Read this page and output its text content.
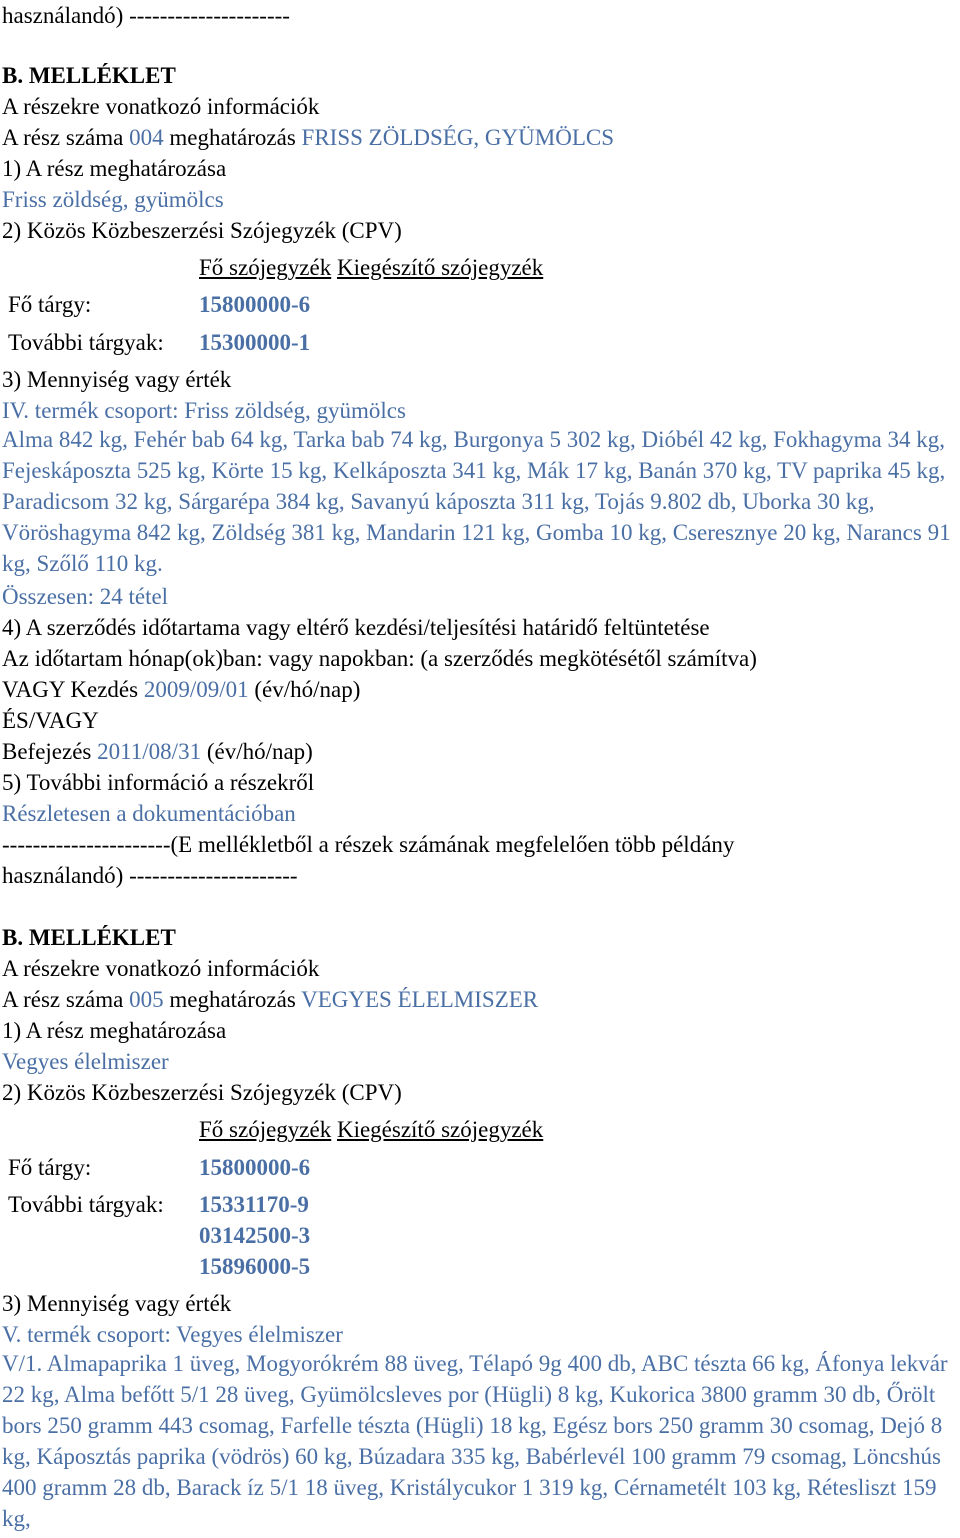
használandó) ---------------------
B. MELLÉKLET
A részekre vonatkozó információk
A rész száma 004 meghatározás FRISS ZÖLDSÉG, GYÜMÖLCS
1) A rész meghatározása
Friss zöldség, gyümölcs
2) Közös Közbeszerzési Szójegyzék (CPV)
Fő szójegyzék Kiegészítő szójegyzék
Fő tárgy:	15800000-6
További tárgyak: 15300000-1
3) Mennyiség vagy érték
IV. termék csoport: Friss zöldség, gyümölcs
Alma 842 kg, Fehér bab 64 kg, Tarka bab 74 kg, Burgonya 5 302 kg, Dióbél 42 kg, Fokhagyma 34 kg, Fejeskáposzta 525 kg, Körte 15 kg, Kelkáposzta 341 kg, Mák 17 kg, Banán 370 kg, TV paprika 45 kg, Paradicsom 32 kg, Sárgarépa 384 kg, Savanyú káposzta 311 kg, Tojás 9.802 db, Uborka 30 kg, Vöröshagyma 842 kg, Zöldség 381 kg, Mandarin 121 kg, Gomba 10 kg, Cseresznye 20 kg, Narancs 91 kg, Szőlő 110 kg.
Összesen: 24 tétel
4) A szerződés időtartama vagy eltérő kezdési/teljesítési határidő feltüntetése
Az időtartam hónap(ok)ban: vagy napokban: (a szerződés megkötésétől számítva)
VAGY Kezdés 2009/09/01 (év/hó/nap)
ÉS/VAGY
Befejezés 2011/08/31 (év/hó/nap)
5) További információ a részekről
Részletesen a dokumentációban
----------------------(E mellékletből a részek számának megfelelően több példány
használandó) ----------------------
B. MELLÉKLET
A részekre vonatkozó információk
A rész száma 005 meghatározás VEGYES ÉLELMISZER
1) A rész meghatározása
Vegyes élelmiszer
2) Közös Közbeszerzési Szójegyzék (CPV)
Fő szójegyzék Kiegészítő szójegyzék
Fő tárgy:	15800000-6
További tárgyak: 15331170-9
03142500-3
15896000-5
3) Mennyiség vagy érték
V. termék csoport: Vegyes élelmiszer
V/1. Almapaprika 1 üveg, Mogyorókrém 88 üveg, Télapó 9g 400 db, ABC tészta 66 kg, Áfonya lekvár 22 kg, Alma befőtt 5/1 28 üveg, Gyümölcsleves por (Hügli) 8 kg, Kukorica 3800 gramm 30 db, Őrölt bors 250 gramm 443 csomag, Farfelle tészta (Hügli) 18 kg, Egész bors 250 gramm 30 csomag, Dejó 8 kg, Káposztás paprika (vödrös) 60 kg, Búzadara 335 kg, Babérlevél 100 gramm 79 csomag, Löncshús 400 gramm 28 db, Barack íz 5/1 18 üveg, Kristálycukor 1 319 kg, Cérnametélt 103 kg, Rétesliszt 159 kg,
